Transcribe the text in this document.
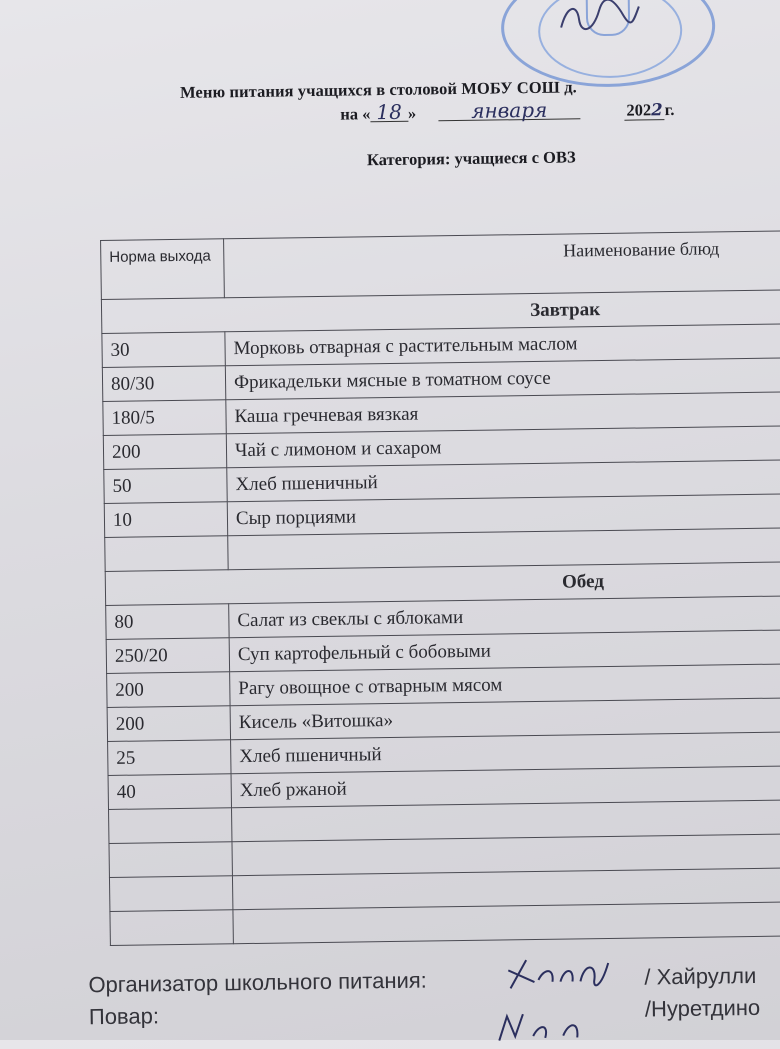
Меню питания учащихся в столовой МОБУ СОШ д.
на « 18 »	января	2022 г.
Категория: учащиеся с ОВЗ
Норма выхода	Наименование блюд
Завтрак	
30	Морковь отварная с растительным маслом
80/30	Фрикадельки мясные в томатном соусе
180/5	Каша гречневая вязкая
200	Чай с лимоном и сахаром
50	Хлеб пшеничный
10	Сыр порциями

Обед	
80	Салат из свеклы с яблоками
250/20	Суп картофельный с бобовыми
200	Рагу овощное с отварным мясом
200	Кисель «Витошка»
25	Хлеб пшеничный
40	Хлеб ржаной

Организатор школьного питания:	/ Хайрулли
Повар:	/Нуретдино
